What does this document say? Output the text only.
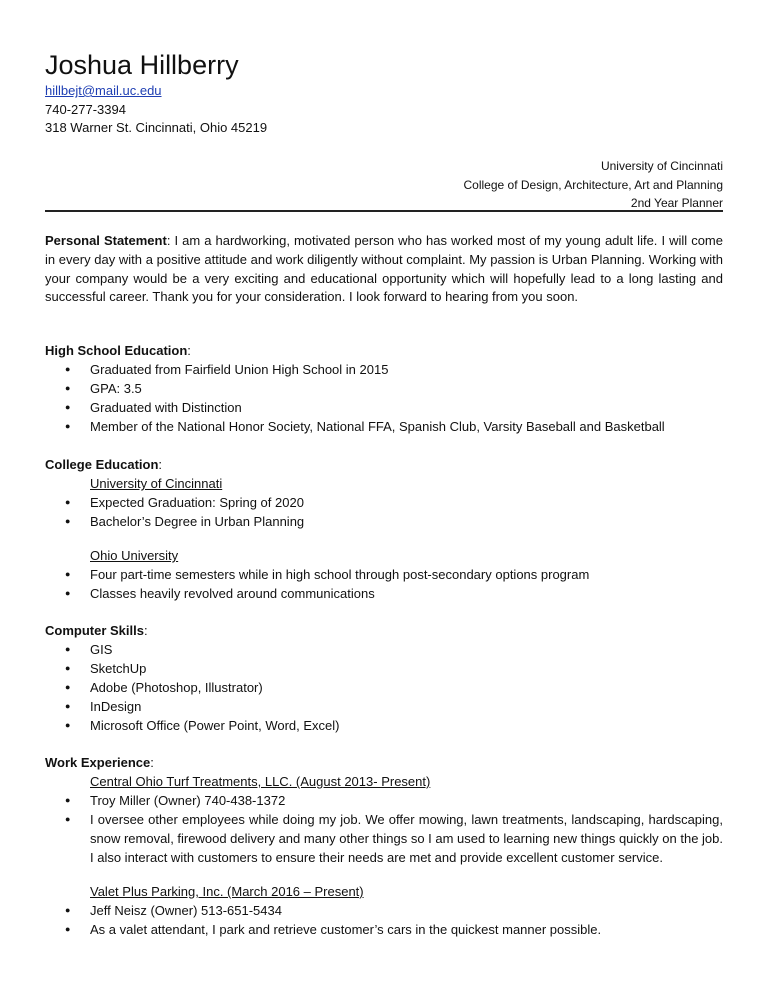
Joshua Hillberry
hillbejt@mail.uc.edu
740-277-3394
318 Warner St. Cincinnati, Ohio 45219
University of Cincinnati
College of Design, Architecture, Art and Planning
2nd Year Planner
Personal Statement: I am a hardworking, motivated person who has worked most of my young adult life. I will come in every day with a positive attitude and work diligently without complaint. My passion is Urban Planning. Working with your company would be a very exciting and educational opportunity which will hopefully lead to a long lasting and successful career. Thank you for your consideration. I look forward to hearing from you soon.
High School Education:
● Graduated from Fairfield Union High School in 2015
● GPA: 3.5
● Graduated with Distinction
● Member of the National Honor Society, National FFA, Spanish Club, Varsity Baseball and Basketball
College Education:
University of Cincinnati
● Expected Graduation: Spring of 2020
● Bachelor’s Degree in Urban Planning
Ohio University
● Four part-time semesters while in high school through post-secondary options program
● Classes heavily revolved around communications
Computer Skills:
● GIS
● SketchUp
● Adobe (Photoshop, Illustrator)
● InDesign
● Microsoft Office (Power Point, Word, Excel)
Work Experience:
Central Ohio Turf Treatments, LLC. (August 2013- Present)
● Troy Miller (Owner) 740-438-1372
● I oversee other employees while doing my job. We offer mowing, lawn treatments, landscaping, hardscaping, snow removal, firewood delivery and many other things so I am used to learning new things quickly on the job. I also interact with customers to ensure their needs are met and provide excellent customer service.
Valet Plus Parking, Inc. (March 2016 – Present)
● Jeff Neisz (Owner) 513-651-5434
● As a valet attendant, I park and retrieve customer’s cars in the quickest manner possible.
